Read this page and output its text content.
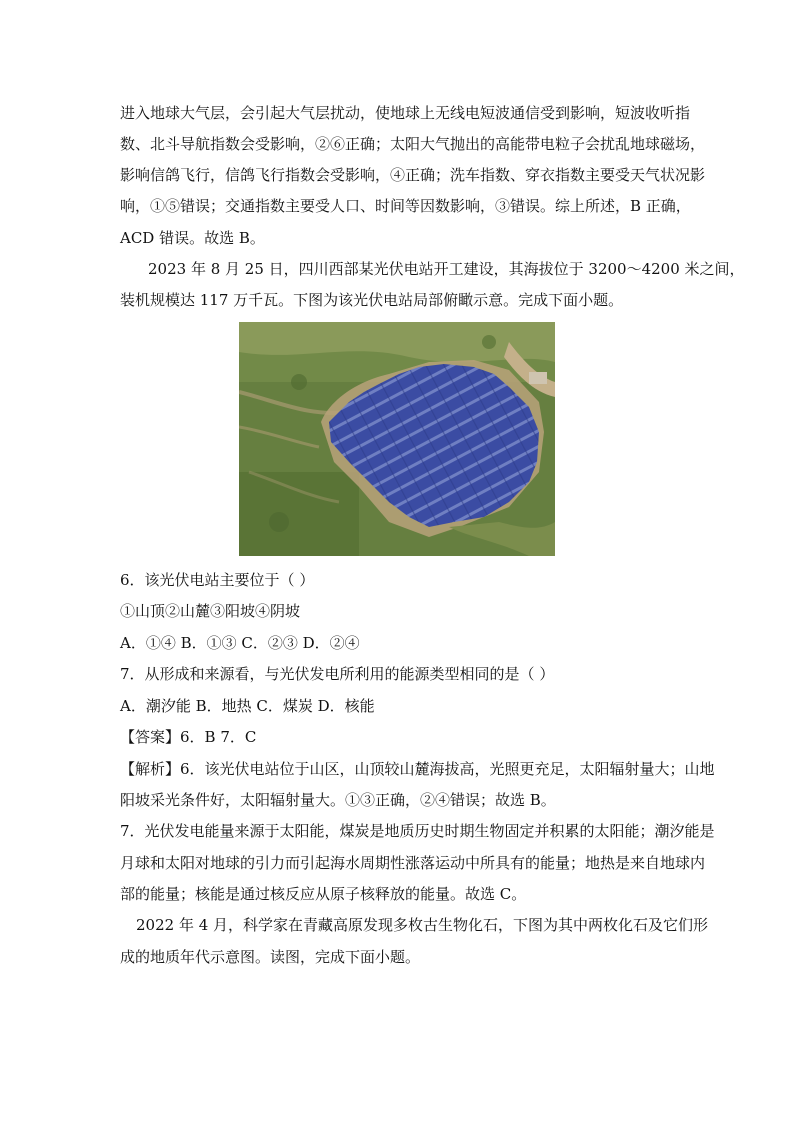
进入地球大气层，会引起大气层扰动，使地球上无线电短波通信受到影响，短波收听指
数、北斗导航指数会受影响，②⑥正确；太阳大气抛出的高能带电粒子会扰乱地球磁场，
影响信鸽飞行，信鸽飞行指数会受影响，④正确；洗车指数、穿衣指数主要受天气状况影
响，①⑤错误；交通指数主要受人口、时间等因数影响，③错误。综上所述，B 正确，
ACD 错误。故选 B。
2023 年 8 月 25 日，四川西部某光伏电站开工建设，其海拔位于 3200～4200 米之间，
装机规模达 117 万千瓦。下图为该光伏电站局部俯瞰示意。完成下面小题。
6．该光伏电站主要位于（ ）
①山顶②山麓③阳坡④阴坡
A．①④ B．①③ C．②③ D．②④
7．从形成和来源看，与光伏发电所利用的能源类型相同的是（ ）
A．潮汐能 B．地热 C．煤炭 D．核能
【答案】6．B 7．C
【解析】6．该光伏电站位于山区，山顶较山麓海拔高，光照更充足，太阳辐射量大；山地
阳坡采光条件好，太阳辐射量大。①③正确，②④错误；故选 B。
7．光伏发电能量来源于太阳能，煤炭是地质历史时期生物固定并积累的太阳能；潮汐能是
月球和太阳对地球的引力而引起海水周期性涨落运动中所具有的能量；地热是来自地球内
部的能量；核能是通过核反应从原子核释放的能量。故选 C。
2022 年 4 月，科学家在青藏高原发现多枚古生物化石，下图为其中两枚化石及它们形
成的地质年代示意图。读图，完成下面小题。
